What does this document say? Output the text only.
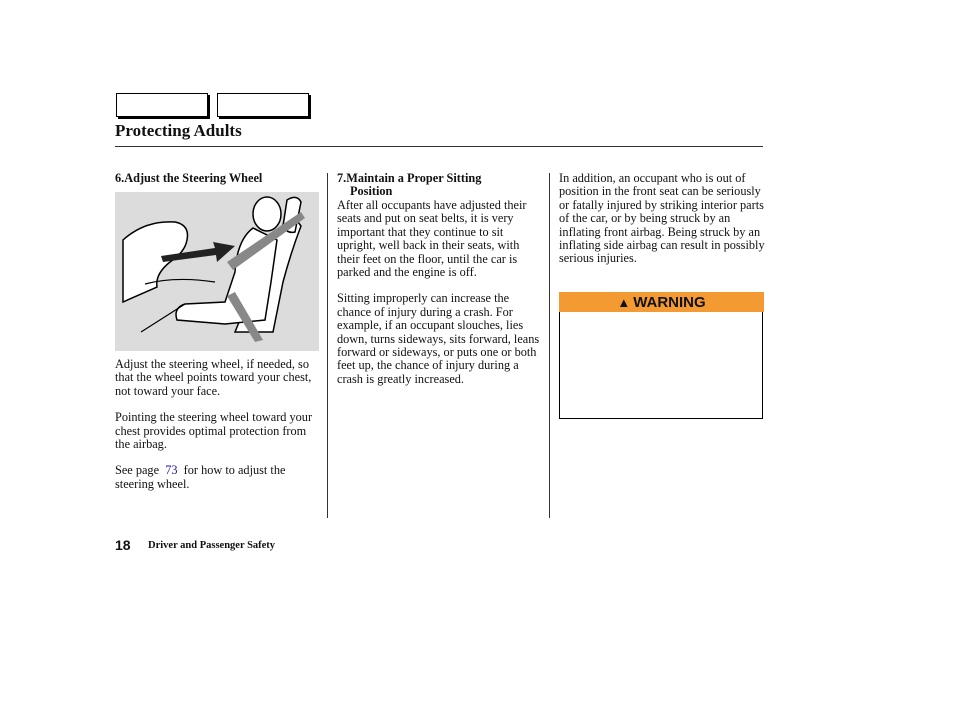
Protecting Adults
6.Adjust the Steering Wheel

Adjust the steering wheel, if needed, so that the wheel points toward your chest, not toward your face.

Pointing the steering wheel toward your chest provides optimal protection from the airbag.

See page 73 for how to adjust the steering wheel.

7.Maintain a Proper Sitting
Position

After all occupants have adjusted their seats and put on seat belts, it is very important that they continue to sit upright, well back in their seats, with their feet on the floor, until the car is parked and the engine is off.

Sitting improperly can increase the chance of injury during a crash. For example, if an occupant slouches, lies down, turns sideways, sits forward, leans forward or sideways, or puts one or both feet up, the chance of injury during a crash is greatly increased.

In addition, an occupant who is out of position in the front seat can be seriously or fatally injured by striking interior parts of the car, or by being struck by an inflating front airbag. Being struck by an inflating side airbag can result in possibly serious injuries.

▲ WARNING
18 Driver and Passenger Safety
